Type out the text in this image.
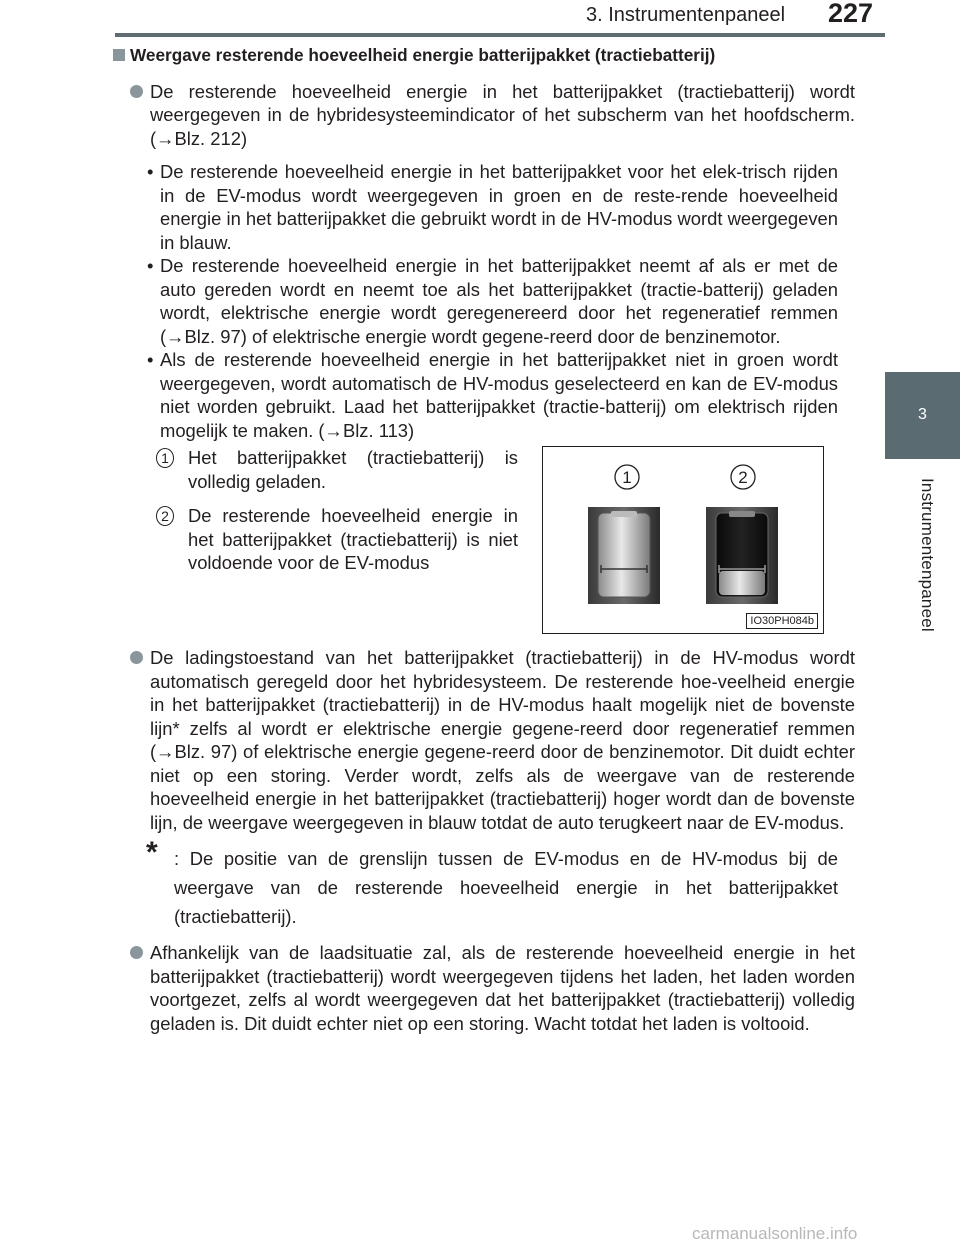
3. Instrumentenpaneel 227
3
Instrumentenpaneel
Weergave resterende hoeveelheid energie batterijpakket (tractiebatterij)
De resterende hoeveelheid energie in het batterijpakket (tractiebatterij) wordt weergegeven in de hybridesysteemindicator of het subscherm van het hoofdscherm. (→Blz. 212)
• De resterende hoeveelheid energie in het batterijpakket voor het elek-trisch rijden in de EV-modus wordt weergegeven in groen en de reste-rende hoeveelheid energie in het batterijpakket die gebruikt wordt in de HV-modus wordt weergegeven in blauw.
• De resterende hoeveelheid energie in het batterijpakket neemt af als er met de auto gereden wordt en neemt toe als het batterijpakket (tractie-batterij) geladen wordt, elektrische energie wordt geregenereerd door het regeneratief remmen (→Blz. 97) of elektrische energie wordt gegene-reerd door de benzinemotor.
• Als de resterende hoeveelheid energie in het batterijpakket niet in groen wordt weergegeven, wordt automatisch de HV-modus geselecteerd en kan de EV-modus niet worden gebruikt. Laad het batterijpakket (tractie-batterij) om elektrisch rijden mogelijk te maken. (→Blz. 113)
1	Het batterijpakket (tractiebatterij) is volledig geladen.
2	De resterende hoeveelheid energie in het batterijpakket (tractiebatterij) is niet voldoende voor de EV-modus
1	2
IO30PH084b
De ladingstoestand van het batterijpakket (tractiebatterij) in de HV-modus wordt automatisch geregeld door het hybridesysteem. De resterende hoe-veelheid energie in het batterijpakket (tractiebatterij) in de HV-modus haalt mogelijk niet de bovenste lijn* zelfs al wordt er elektrische energie gegene-reerd door regeneratief remmen (→Blz. 97) of elektrische energie gegene-reerd door de benzinemotor. Dit duidt echter niet op een storing. Verder wordt, zelfs als de weergave van de resterende hoeveelheid energie in het batterijpakket (tractiebatterij) hoger wordt dan de bovenste lijn, de weergave weergegeven in blauw totdat de auto terugkeert naar de EV-modus.
* : De positie van de grenslijn tussen de EV-modus en de HV-modus bij de weergave van de resterende hoeveelheid energie in het batterijpakket (tractiebatterij).
Afhankelijk van de laadsituatie zal, als de resterende hoeveelheid energie in het batterijpakket (tractiebatterij) wordt weergegeven tijdens het laden, het laden worden voortgezet, zelfs al wordt weergegeven dat het batterijpakket (tractiebatterij) volledig geladen is. Dit duidt echter niet op een storing. Wacht totdat het laden is voltooid.
carmanualsonline.info
